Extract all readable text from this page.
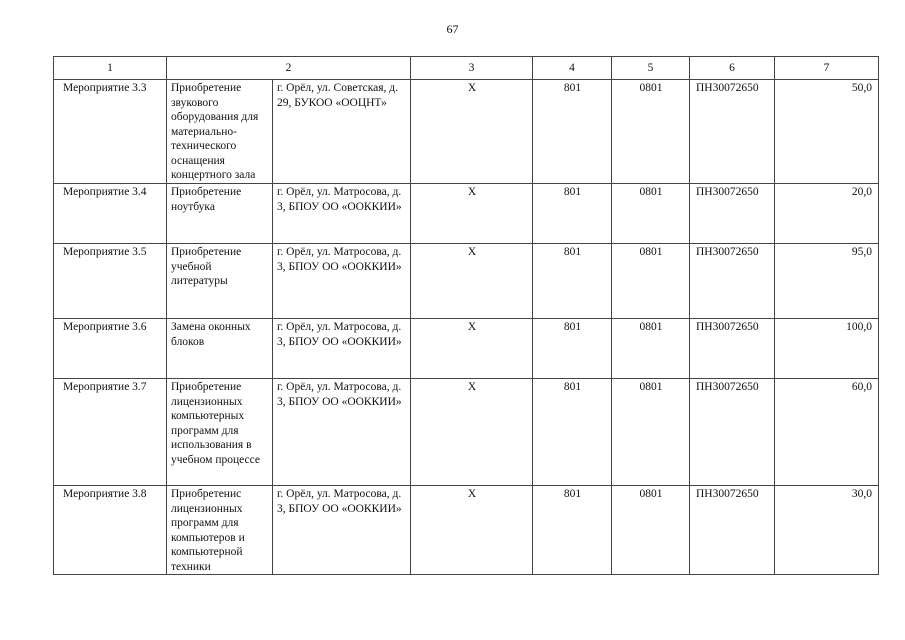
67
1	2		3	4	5	6	7
Мероприятие 3.3	Приобретение звукового оборудования для материально-технического оснащения концертного зала	г. Орёл, ул. Советская, д. 29, БУКОО «ООЦНТ»	X	801	0801	ПН30072650	50,0
Мероприятие 3.4	Приобретение ноутбука	г. Орёл, ул. Матросова, д. 3, БПОУ ОО «ООККИИ»	X	801	0801	ПН30072650	20,0
Мероприятие 3.5	Приобретение учебной литературы	г. Орёл, ул. Матросова, д. 3, БПОУ ОО «ООККИИ»	X	801	0801	ПН30072650	95,0
Мероприятие 3.6	Замена оконных блоков	г. Орёл, ул. Матросова, д. 3, БПОУ ОО «ООККИИ»	X	801	0801	ПН30072650	100,0
Мероприятие 3.7	Приобретение лицензионных компьютерных программ для использования в учебном процессе	г. Орёл, ул. Матросова, д. 3, БПОУ ОО «ООККИИ»	X	801	0801	ПН30072650	60,0
Мероприятие 3.8	Приобретенис лицензионных программ для компьютеров и компьютерной техники	г. Орёл, ул. Матросова, д. 3, БПОУ ОО «ООККИИ»	X	801	0801	ПН30072650	30,0
